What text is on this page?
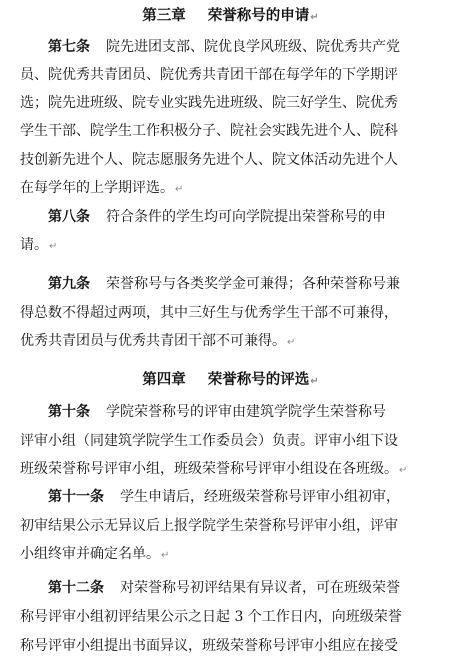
第三章 荣誉称号的申请↵
第七条 院先进团支部、院优良学风班级、院优秀共产党
员、院优秀共青团员、院优秀共青团干部在每学年的下学期评
选；院先进班级、院专业实践先进班级、院三好学生、院优秀
学生干部、院学生工作积极分子、院社会实践先进个人、院科
技创新先进个人、院志愿服务先进个人、院文体活动先进个人
在每学年的上学期评选。↵
第八条 符合条件的学生均可向学院提出荣誉称号的申
请。↵
第九条 荣誉称号与各类奖学金可兼得；各种荣誉称号兼
得总数不得超过两项，其中三好生与优秀学生干部不可兼得，
优秀共青团员与优秀共青团干部不可兼得。↵
第四章 荣誉称号的评选↵
第十条 学院荣誉称号的评审由建筑学院学生荣誉称号
评审小组（同建筑学院学生工作委员会）负责。评审小组下设
班级荣誉称号评审小组，班级荣誉称号评审小组设在各班级。↵
第十一条 学生申请后，经班级荣誉称号评审小组初审，
初审结果公示无异议后上报学院学生荣誉称号评审小组，评审
小组终审并确定名单。↵
第十二条 对荣誉称号初评结果有异议者，可在班级荣誉
称号评审小组初评结果公示之日起 3 个工作日内，向班级荣誉
称号评审小组提出书面异议，班级荣誉称号评审小组应在接受
